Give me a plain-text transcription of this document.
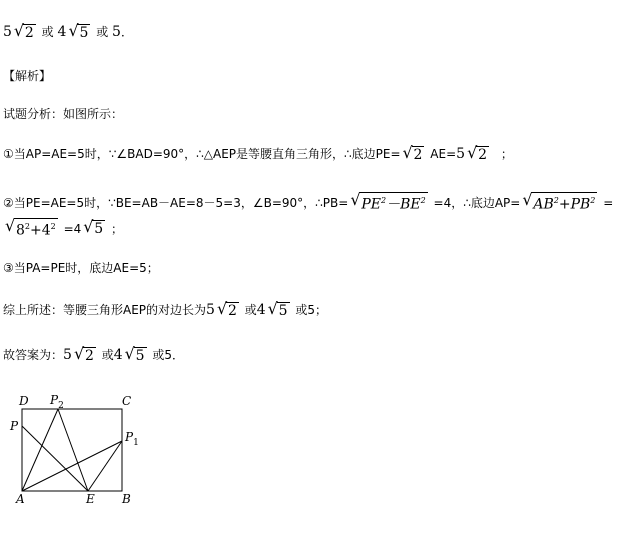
5 √ 2 或 4 √ 5 或 5．
【解析】
试题分析：如图所示：
①当AP=AE=5时，∵∠BAD=90°，∴△AEP是等腰直角三角形，∴底边PE= √ 2 AE=5 √ 2 ；
②当PE=AE=5时，∵BE=AB－AE=8－5=3，∠B=90°，∴PB= √ $PE^2-BE^2 =4$，∴底边AP= √ $AB^2+PB^2$ =
√ $8^2+4^2 =4$ √ 5 ；
③当PA=PE时，底边AE=5；
综上所述：等腰三角形AEP的对边长为5 √ 2 或4 √ 5 或5；
故答案为：5 √ 2 或4 √ 5 或5．
D $P_2$	C
P
$P_1$
A	E B
